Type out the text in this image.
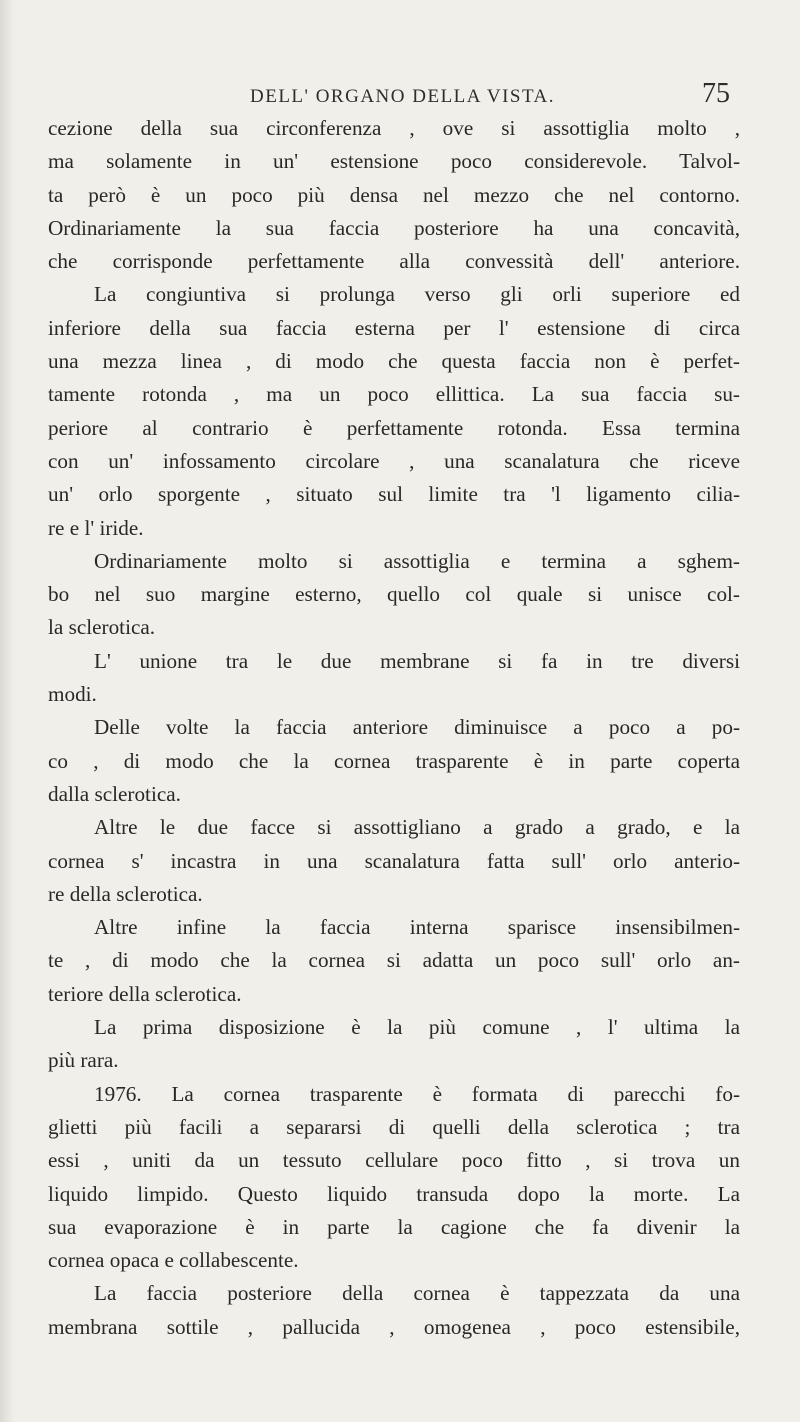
DELL' ORGANO DELLA VISTA.	75
cezione della sua circonferenza , ove si assottiglia molto ,
ma solamente in un' estensione poco considerevole. Talvol-
ta però è un poco più densa nel mezzo che nel contorno.
Ordinariamente la sua faccia posteriore ha una concavità,
che corrisponde perfettamente alla convessità dell' anteriore.
La congiuntiva si prolunga verso gli orli superiore ed
inferiore della sua faccia esterna per l' estensione di circa
una mezza linea , di modo che questa faccia non è perfet-
tamente rotonda , ma un poco ellittica. La sua faccia su-
periore al contrario è perfettamente rotonda. Essa termina
con un' infossamento circolare , una scanalatura che riceve
un' orlo sporgente , situato sul limite tra 'l ligamento cilia-
re e l' iride.
Ordinariamente molto si assottiglia e termina a sghem-
bo nel suo margine esterno, quello col quale si unisce col-
la sclerotica.
L' unione tra le due membrane si fa in tre diversi
modi.
Delle volte la faccia anteriore diminuisce a poco a po-
co , di modo che la cornea trasparente è in parte coperta
dalla sclerotica.
Altre le due facce si assottigliano a grado a grado, e la
cornea s' incastra in una scanalatura fatta sull' orlo anterio-
re della sclerotica.
Altre infine la faccia interna sparisce insensibilmen-
te , di modo che la cornea si adatta un poco sull' orlo an-
teriore della sclerotica.
La prima disposizione è la più comune , l' ultima la
più rara.
1976. La cornea trasparente è formata di parecchi fo-
glietti più facili a separarsi di quelli della sclerotica ; tra
essi , uniti da un tessuto cellulare poco fitto , si trova un
liquido limpido. Questo liquido transuda dopo la morte. La
sua evaporazione è in parte la cagione che fa divenir la
cornea opaca e collabescente.
La faccia posteriore della cornea è tappezzata da una
membrana sottile , pallucida , omogenea , poco estensibile,
